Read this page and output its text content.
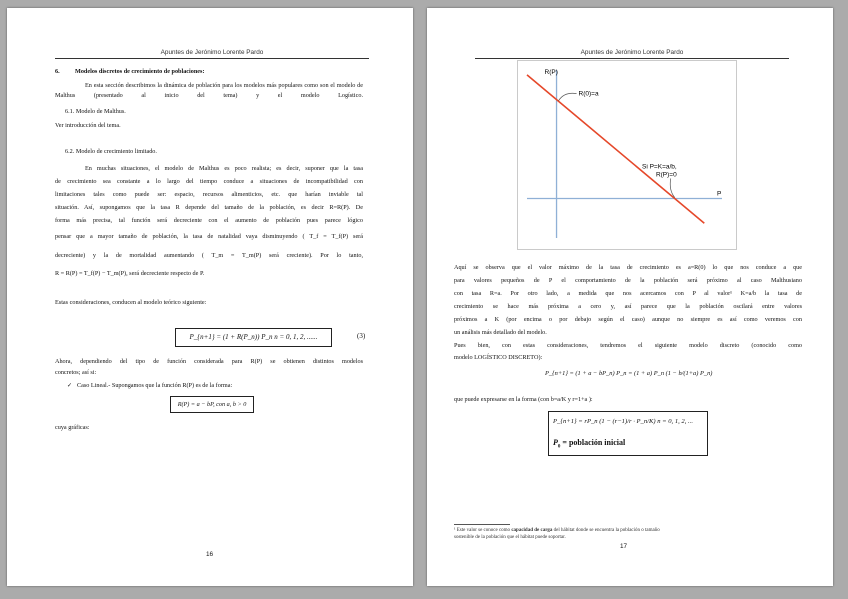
Apuntes de Jerónimo Lorente Pardo
6. Modelos discretos de crecimiento de poblaciones:
En esta sección describimos la dinámica de población para los modelos más populares como son el modelo de Malthus (presentado al inicio del tema) y el modelo Logístico.
6.1. Modelo de Malthus.
Ver introducción del tema.
6.2. Modelo de crecimiento limitado.
En muchas situaciones, el modelo de Malthus es poco realista; es decir, suponer que la tasa
de crecimiento sea constante a lo largo del tiempo conduce a situaciones de incompatibilidad con
limitaciones tales como puede ser: espacio, recursos alimenticios, etc. que harían inviable tal
situación. Así, supongamos que la tasa R depende del tamaño de la población, es decir R=R(P). De
forma más precisa, tal función será decreciente con el aumento de población pues parece lógico
pensar que a mayor tamaño de población, la tasa de natalidad vaya disminuyendo ( T_f = T_f(P) será
decreciente) y la de mortalidad aumentando ( T_m = T_m(P) será creciente). Por lo tanto,
R = R(P) = T_f(P) − T_m(P), será decreciente respecto de P.
Estas consideraciones, conducen al modelo teórico siguiente:
P_{n+1} = (1 + R(P_n)) P_n n = 0, 1, 2, ......	(3)
Ahora, dependiendo del tipo de función considerada para R(P) se obtienen distintos modelos
concretos; así si:
✓ Caso Lineal.- Supongamos que la función R(P) es de la forma:
R(P) = a − bP, con a, b > 0
cuya gráficas:
16
Apuntes de Jerónimo Lorente Pardo
R(P)
P
R(0)=a
Si P=K=a/b,
R(P)=0
Aquí se observa que el valor máximo de la tasa de crecimiento es a=R(0) lo que nos conduce a que
para valores pequeños de P el comportamiento de la población será próximo al caso Malthusiano
con tasa R=a. Por otro lado, a medida que nos acercamos con P al valor¹ K=a/b la tasa de
crecimiento se hace más próxima a cero y, así parece que la población oscilará entre valores
próximos a K (por encima o por debajo según el caso) aunque no siempre es así como veremos con
un análisis más detallado del modelo.
Pues bien, con estas consideraciones, tendremos el siguiente modelo discreto (conocido como
modelo LOGÍSTICO DISCRETO):
P_{n+1} = (1 + a − bP_n) P_n = (1 + a) P_n (1 − b/(1+a) P_n)
que puede expresarse en la forma (con b=a/K y r=1+a ):
P_{n+1} = rP_n (1 − (r−1)/r · P_n/K) n = 0, 1, 2, ...
$P_0$ = población inicial
¹ Este valor se conoce como capacidad de carga del hábitat donde se encuentra la población o tamaño
sostenible de la población que el hábitat puede soportar.
17
